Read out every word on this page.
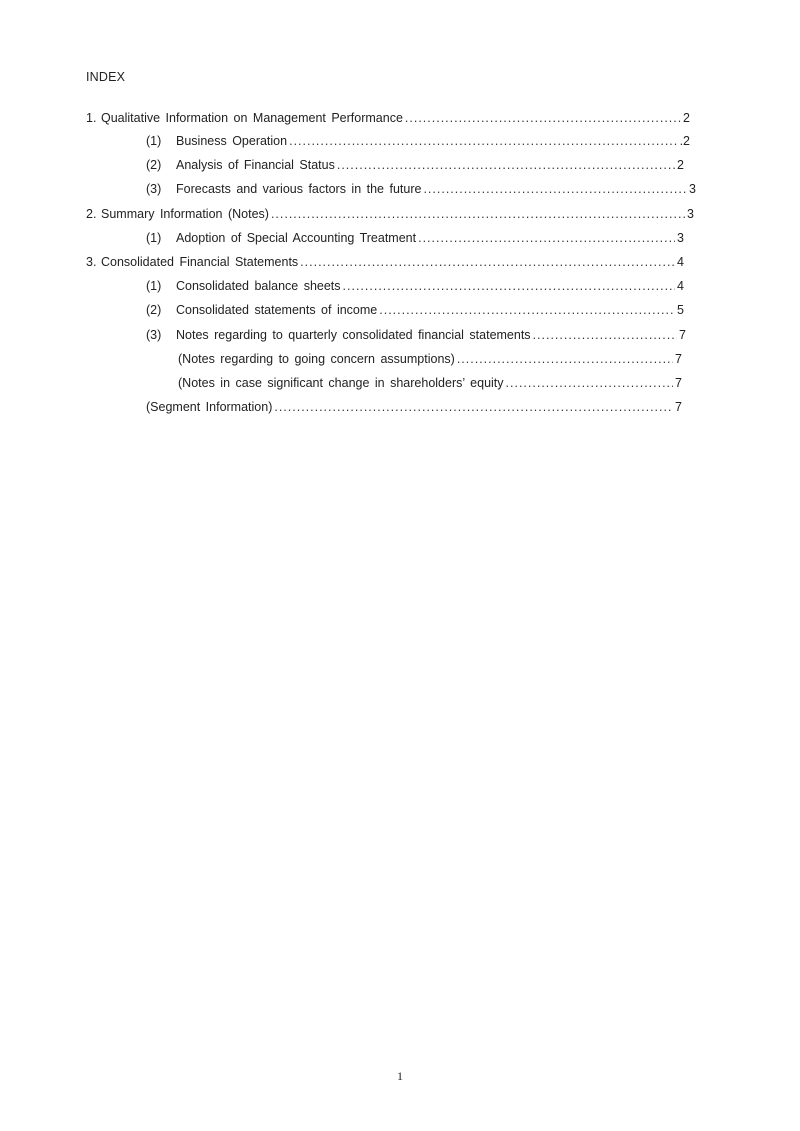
INDEX
1. Qualitative Information on Management Performance .....	2
(1)	Business Operation .....	.2
(2)	Analysis of Financial Status .....	2
(3)	Forecasts and various factors in the future .....	3
2. Summary Information (Notes) .....	3
(1)	Adoption of Special Accounting Treatment .....	3
3. Consolidated Financial Statements .....	4
(1)	Consolidated balance sheets .....	4
(2)	Consolidated statements of income .....	5
(3)	Notes regarding to quarterly consolidated financial statements .....	7
(Notes regarding to going concern assumptions) .....	7
(Notes in case significant change in shareholders’ equity .....	7
(Segment Information) .....	7
1
